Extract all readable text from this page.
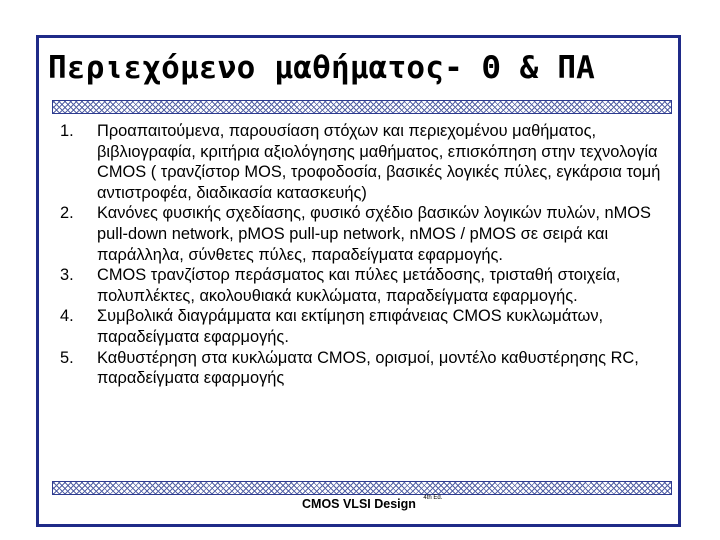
Περιεχόμενο μαθήματος- Θ & ΠΑ
1.	Προαπαιτούμενα, παρουσίαση στόχων και περιεχομένου μαθήματος, βιβλιογραφία, κριτήρια αξιολόγησης μαθήματος, επισκόπηση στην τεχνολογία CMOS ( τρανζίστορ MOS, τροφοδοσία, βασικές λογικές πύλες, εγκάρσια τομή αντιστροφέα, διαδικασία κατασκευής)
2.	Κανόνες φυσικής σχεδίασης, φυσικό σχέδιο βασικών λογικών πυλών, nMOS pull-down network, pMOS pull-up network, nMOS / pMOS σε σειρά και παράλληλα, σύνθετες πύλες, παραδείγματα εφαρμογής.
3.	CMOS τρανζίστορ περάσματος και πύλες μετάδοσης, τρισταθή στοιχεία, πολυπλέκτες, ακολουθιακά κυκλώματα, παραδείγματα εφαρμογής.
4.	Συμβολικά διαγράμματα και εκτίμηση επιφάνειας CMOS κυκλωμάτων, παραδείγματα εφαρμογής.
5.	Καθυστέρηση στα κυκλώματα CMOS, ορισμοί, μοντέλο καθυστέρησης RC, παραδείγματα εφαρμογής
CMOS VLSI Design $^{4th Ed.}$
